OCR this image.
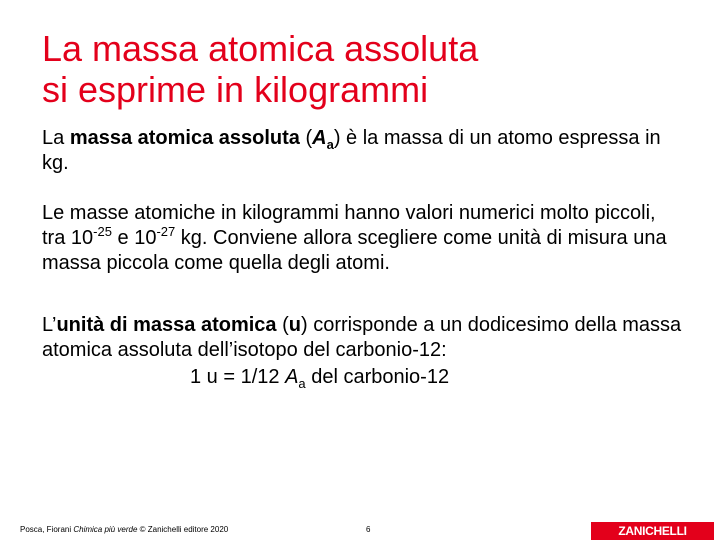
La massa atomica assoluta
si esprime in kilogrammi

La massa atomica assoluta $(A_a)$ è la massa di un atomo espressa in kg.

Le masse atomiche in kilogrammi hanno valori numerici molto piccoli, tra $10^{-25}$ e $10^{-27}$ kg. Conviene allora scegliere come unità di misura una massa piccola come quella degli atomi.

L’unità di massa atomica (u) corrisponde a un dodicesimo della massa atomica assoluta dell’isotopo del carbonio-12:

1 u = 1/12 $A_a$ del carbonio-12

Posca, Fiorani Chimica più verde © Zanichelli editore 2020	6	ZANICHELLI
